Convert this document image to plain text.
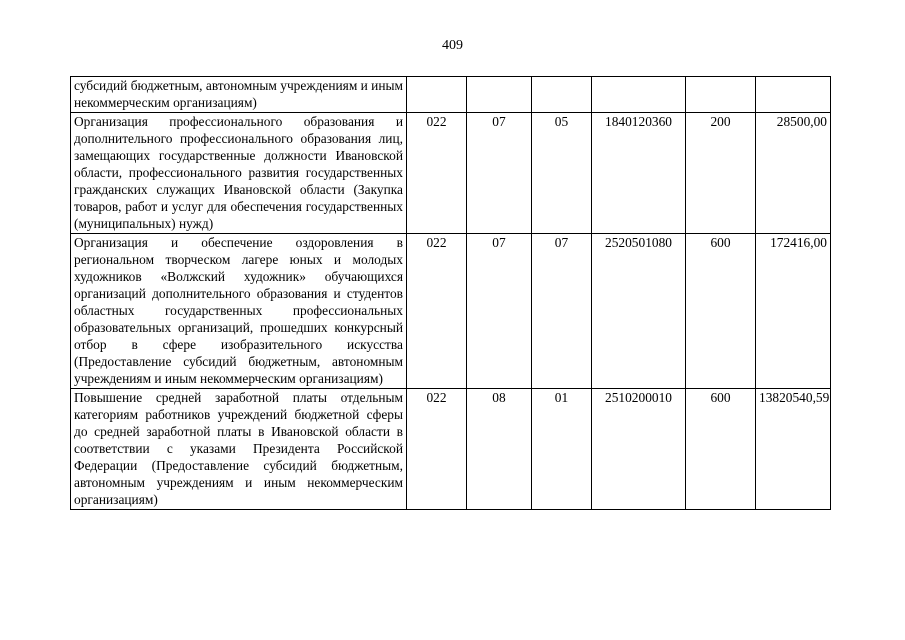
409
субсидий бюджетным, автономным учреждениям и иным некоммерческим организациям)						
Организация профессионального образования и дополнительного профессионального образования лиц, замещающих государственные должности Ивановской области, профессионального развития государственных гражданских служащих Ивановской области (Закупка товаров, работ и услуг для обеспечения государственных (муниципальных) нужд)	022	07	05	1840120360	200	28500,00
Организация и обеспечение оздоровления в региональном творческом лагере юных и молодых художников «Волжский художник» обучающихся организаций дополнительного образования и студентов областных государственных профессиональных образовательных организаций, прошедших конкурсный отбор в сфере изобразительного искусства (Предоставление субсидий бюджетным, автономным учреждениям и иным некоммерческим организациям)	022	07	07	2520501080	600	172416,00
Повышение средней заработной платы отдельным категориям работников учреждений бюджетной сферы до средней заработной платы в Ивановской области в соответствии с указами Президента Российской Федерации (Предоставление субсидий бюджетным, автономным учреждениям и иным некоммерческим организациям)	022	08	01	2510200010	600	13820540,59
